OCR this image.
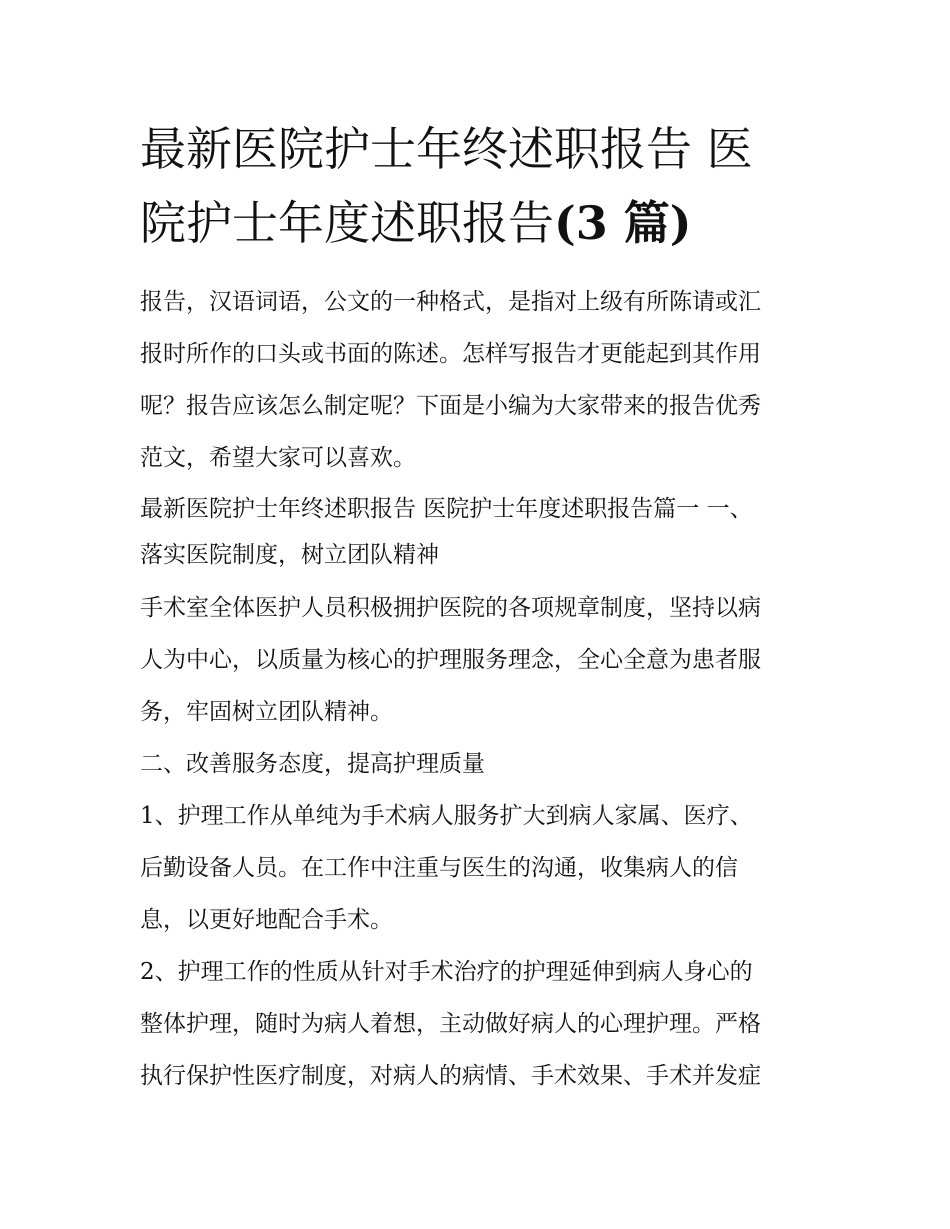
最新医院护士年终述职报告 医
院护士年度述职报告(3 篇)

报告，汉语词语，公文的一种格式，是指对上级有所陈请或汇
报时所作的口头或书面的陈述。怎样写报告才更能起到其作用
呢？报告应该怎么制定呢？下面是小编为大家带来的报告优秀
范文，希望大家可以喜欢。

最新医院护士年终述职报告 医院护士年度述职报告篇一 一、
落实医院制度，树立团队精神

手术室全体医护人员积极拥护医院的各项规章制度，坚持以病
人为中心，以质量为核心的护理服务理念，全心全意为患者服
务，牢固树立团队精神。

二、改善服务态度，提高护理质量

1、护理工作从单纯为手术病人服务扩大到病人家属、医疗、
后勤设备人员。在工作中注重与医生的沟通，收集病人的信
息，以更好地配合手术。

2、护理工作的性质从针对手术治疗的护理延伸到病人身心的
整体护理，随时为病人着想，主动做好病人的心理护理。严格
执行保护性医疗制度，对病人的病情、手术效果、手术并发症
